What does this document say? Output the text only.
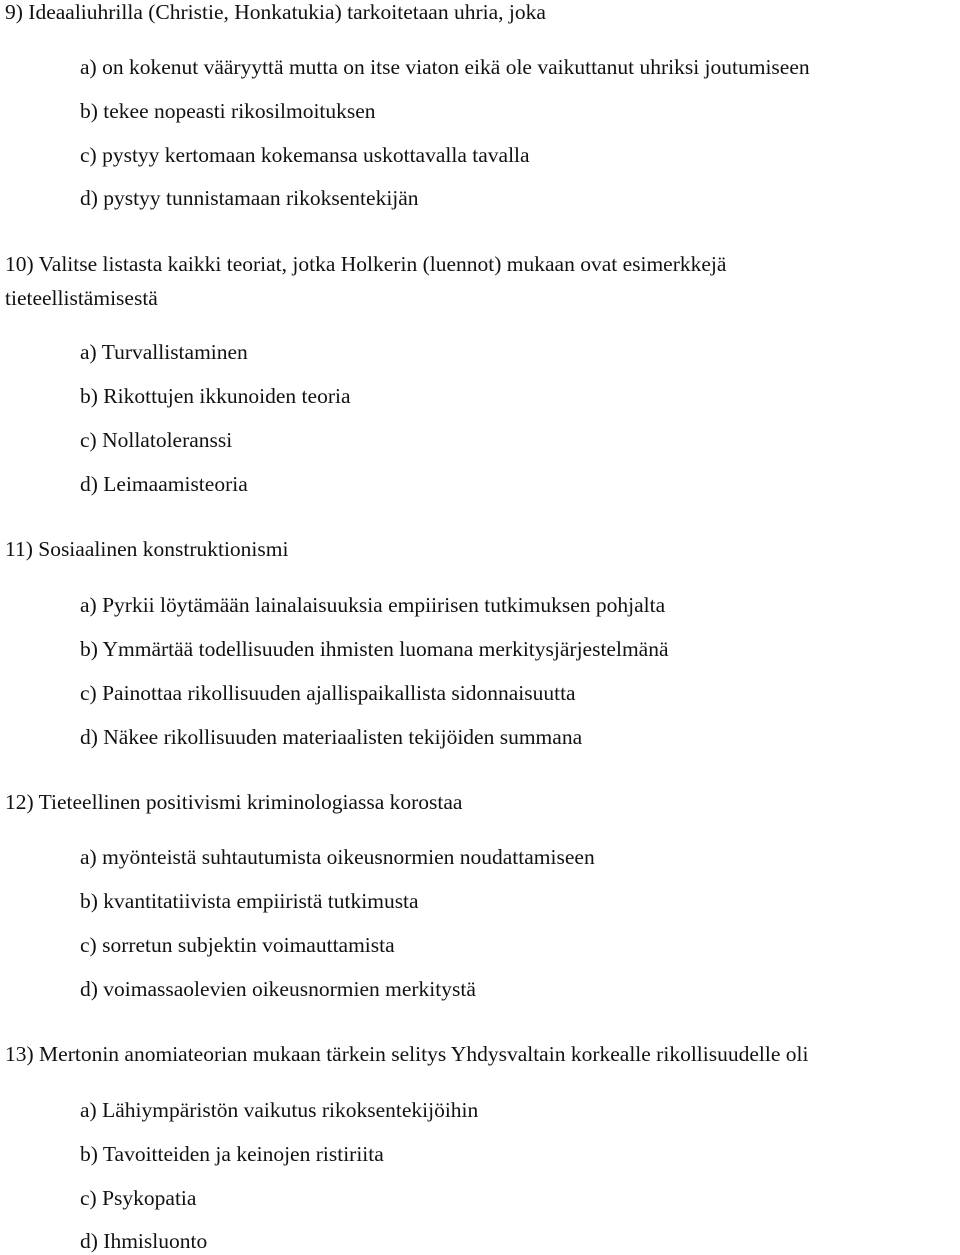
9) Ideaaliuhrilla (Christie, Honkatukia) tarkoitetaan uhria, joka
a) on kokenut vääryyttä mutta on itse viaton eikä ole vaikuttanut uhriksi joutumiseen
b) tekee nopeasti rikosilmoituksen
c) pystyy kertomaan kokemansa uskottavalla tavalla
d) pystyy tunnistamaan rikoksentekijän
10) Valitse listasta kaikki teoriat, jotka Holkerin (luennot) mukaan ovat esimerkkejä
tieteellistämisestä
a) Turvallistaminen
b) Rikottujen ikkunoiden teoria
c) Nollatoleranssi
d) Leimaamisteoria
11) Sosiaalinen konstruktionismi
a) Pyrkii löytämään lainalaisuuksia empiirisen tutkimuksen pohjalta
b) Ymmärtää todellisuuden ihmisten luomana merkitysjärjestelmänä
c) Painottaa rikollisuuden ajallispaikallista sidonnaisuutta
d) Näkee rikollisuuden materiaalisten tekijöiden summana
12) Tieteellinen positivismi kriminologiassa korostaa
a) myönteistä suhtautumista oikeusnormien noudattamiseen
b) kvantitatiivista empiiristä tutkimusta
c) sorretun subjektin voimauttamista
d) voimassaolevien oikeusnormien merkitystä
13) Mertonin anomiateorian mukaan tärkein selitys Yhdysvaltain korkealle rikollisuudelle oli
a) Lähiympäristön vaikutus rikoksentekijöihin
b) Tavoitteiden ja keinojen ristiriita
c) Psykopatia
d) Ihmisluonto
